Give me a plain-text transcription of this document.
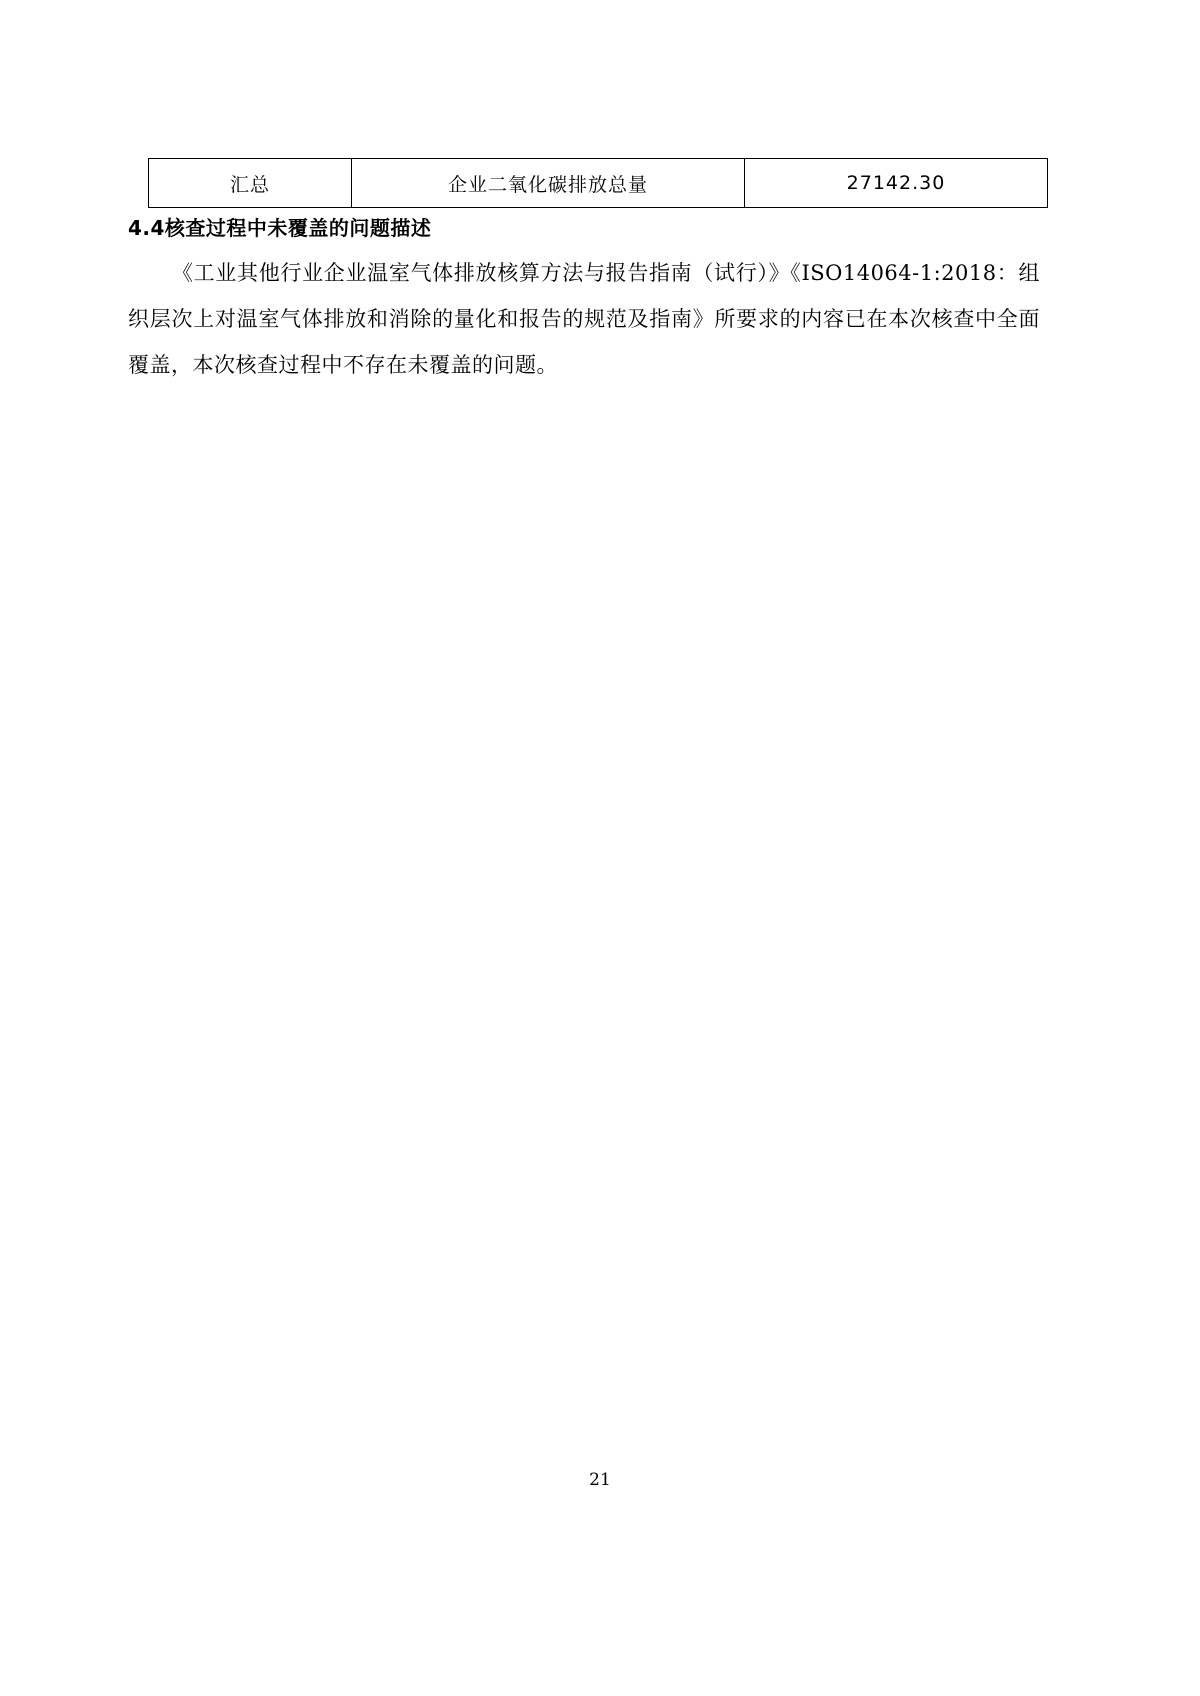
汇总	企业二氧化碳排放总量	27142.30
4.4核查过程中未覆盖的问题描述
《工业其他行业企业温室气体排放核算方法与报告指南（试行）》《ISO14064-1:2018：组织层次上对温室气体排放和消除的量化和报告的规范及指南》所要求的内容已在本次核查中全面覆盖，本次核查过程中不存在未覆盖的问题。
21
